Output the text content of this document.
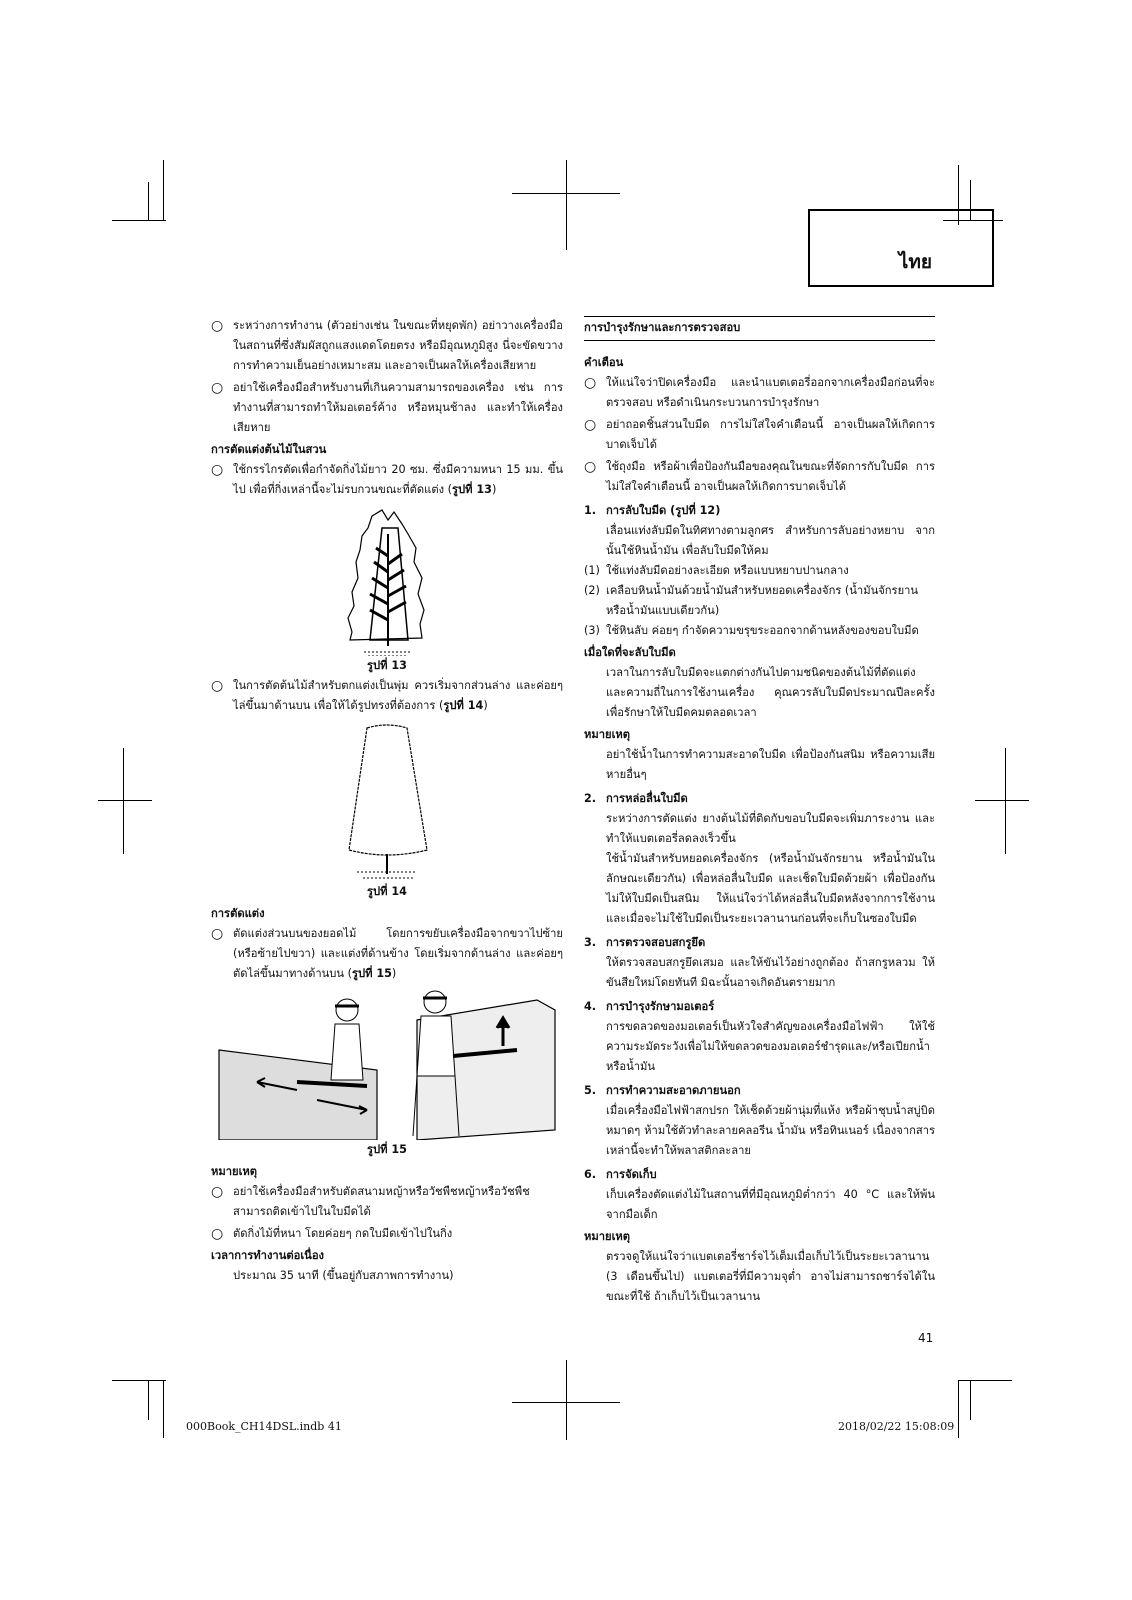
ไทย
○ ระหว่างการทำงาน (ตัวอย่างเช่น ในขณะที่หยุดพัก) อย่าวางเครื่องมือในสถานที่ซึ่งสัมผัสถูกแสงแดดโดยตรง หรือมีอุณหภูมิสูง นี่จะขัดขวางการทำความเย็นอย่างเหมาะสม และอาจเป็นผลให้เครื่องเสียหาย
○ อย่าใช้เครื่องมือสำหรับงานที่เกินความสามารถของเครื่อง เช่น การทำงานที่สามารถทำให้มอเตอร์ค้าง หรือหมุนช้าลง และทำให้เครื่องเสียหาย
การตัดแต่งต้นไม้ในสวน
○ ใช้กรรไกรตัดเพื่อกำจัดกิ่งไม้ยาว 20 ซม. ซึ่งมีความหนา 15 มม. ขึ้นไป เพื่อที่กิ่งเหล่านี้จะไม่รบกวนขณะที่ตัดแต่ง (รูปที่ 13)
รูปที่ 13
○ ในการตัดต้นไม้สำหรับตกแต่งเป็นพุ่ม ควรเริ่มจากส่วนล่าง และค่อยๆ ไล่ขึ้นมาด้านบน เพื่อให้ได้รูปทรงที่ต้องการ (รูปที่ 14)
รูปที่ 14
การตัดแต่ง
○ ตัดแต่งส่วนบนของยอดไม้ โดยการขยับเครื่องมือจากขวาไปซ้าย (หรือซ้ายไปขวา) และแต่งที่ด้านข้าง โดยเริ่มจากด้านล่าง และค่อยๆ ตัดไล่ขึ้นมาทางด้านบน (รูปที่ 15)
รูปที่ 15
หมายเหตุ
○ อย่าใช้เครื่องมือสำหรับตัดสนามหญ้าหรือวัชพืชหญ้าหรือวัชพืชสามารถติดเข้าไปในใบมีดได้
○ ตัดกิ่งไม้ที่หนา โดยค่อยๆ กดใบมีดเข้าไปในกิ่ง
เวลาการทำงานต่อเนื่อง
ประมาณ 35 นาที (ขึ้นอยู่กับสภาพการทำงาน)
การบำรุงรักษาและการตรวจสอบ
คำเตือน
○ ให้แน่ใจว่าปิดเครื่องมือ และนำแบตเตอรี่ออกจากเครื่องมือก่อนที่จะตรวจสอบ หรือดำเนินกระบวนการบำรุงรักษา
○ อย่าถอดชิ้นส่วนใบมีด การไม่ใส่ใจคำเตือนนี้ อาจเป็นผลให้เกิดการบาดเจ็บได้
○ ใช้ถุงมือ หรือผ้าเพื่อป้องกันมือของคุณในขณะที่จัดการกับใบมีด การไม่ใส่ใจคำเตือนนี้ อาจเป็นผลให้เกิดการบาดเจ็บได้
1. การลับใบมีด (รูปที่ 12)
เลื่อนแท่งลับมีดในทิศทางตามลูกศร สำหรับการลับอย่างหยาบ จากนั้นใช้หินน้ำมัน เพื่อลับใบมีดให้คม
(1) ใช้แท่งลับมีดอย่างละเอียด หรือแบบหยาบปานกลาง
(2) เคลือบหินน้ำมันด้วยน้ำมันสำหรับหยอดเครื่องจักร (น้ำมันจักรยาน หรือน้ำมันแบบเดียวกัน)
(3) ใช้หินลับ ค่อยๆ กำจัดความขรุขระออกจากด้านหลังของขอบใบมีด
เมื่อใดที่จะลับใบมีด
เวลาในการลับใบมีดจะแตกต่างกันไปตามชนิดของต้นไม้ที่ตัดแต่ง และความถี่ในการใช้งานเครื่อง คุณควรลับใบมีดประมาณปีละครั้ง เพื่อรักษาให้ใบมีดคมตลอดเวลา
หมายเหตุ
อย่าใช้น้ำในการทำความสะอาดใบมีด เพื่อป้องกันสนิม หรือความเสียหายอื่นๆ
2. การหล่อลื่นใบมีด
ระหว่างการตัดแต่ง ยางต้นไม้ที่ติดกับขอบใบมีดจะเพิ่มภาระงาน และทำให้แบตเตอรี่ลดลงเร็วขึ้น
ใช้น้ำมันสำหรับหยอดเครื่องจักร (หรือน้ำมันจักรยาน หรือน้ำมันในลักษณะเดียวกัน) เพื่อหล่อลื่นใบมีด และเช็ดใบมีดด้วยผ้า เพื่อป้องกันไม่ให้ใบมีดเป็นสนิม ให้แน่ใจว่าได้หล่อลื่นใบมีดหลังจากการใช้งาน และเมื่อจะไม่ใช้ใบมีดเป็นระยะเวลานานก่อนที่จะเก็บในซองใบมีด
3. การตรวจสอบสกรูยึด
ให้ตรวจสอบสกรูยึดเสมอ และให้ขันไว้อย่างถูกต้อง ถ้าสกรูหลวม ให้ขันสียใหม่โดยทันที มิฉะนั้นอาจเกิดอันตรายมาก
4. การบำรุงรักษามอเตอร์
การขดลวดของมอเตอร์เป็นหัวใจสำคัญของเครื่องมือไฟฟ้า ให้ใช้ความระมัดระวังเพื่อไม่ให้ขดลวดของมอเตอร์ชำรุดและ/หรือเปียกน้ำหรือน้ำมัน
5. การทำความสะอาดภายนอก
เมื่อเครื่องมือไฟฟ้าสกปรก ให้เช็ดด้วยผ้านุ่มที่แห้ง หรือผ้าชุบน้ำสบู่บิดหมาดๆ ห้ามใช้ตัวทำละลายคลอรีน น้ำมัน หรือทินเนอร์ เนื่องจากสารเหล่านี้จะทำให้พลาสติกละลาย
6. การจัดเก็บ
เก็บเครื่องตัดแต่งไม้ในสถานที่ที่มีอุณหภูมิต่ำกว่า 40 °C และให้พ้นจากมือเด็ก
หมายเหตุ
ตรวจดูให้แน่ใจว่าแบตเตอรี่ชาร์จไว้เต็มเมื่อเก็บไว้เป็นระยะเวลานาน (3 เดือนขึ้นไป) แบตเตอรี่ที่มีความจุต่ำ อาจไม่สามารถชาร์จได้ในขณะที่ใช้ ถ้าเก็บไว้เป็นเวลานาน
41
000Book_CH14DSL.indb 41	2018/02/22 15:08:09
